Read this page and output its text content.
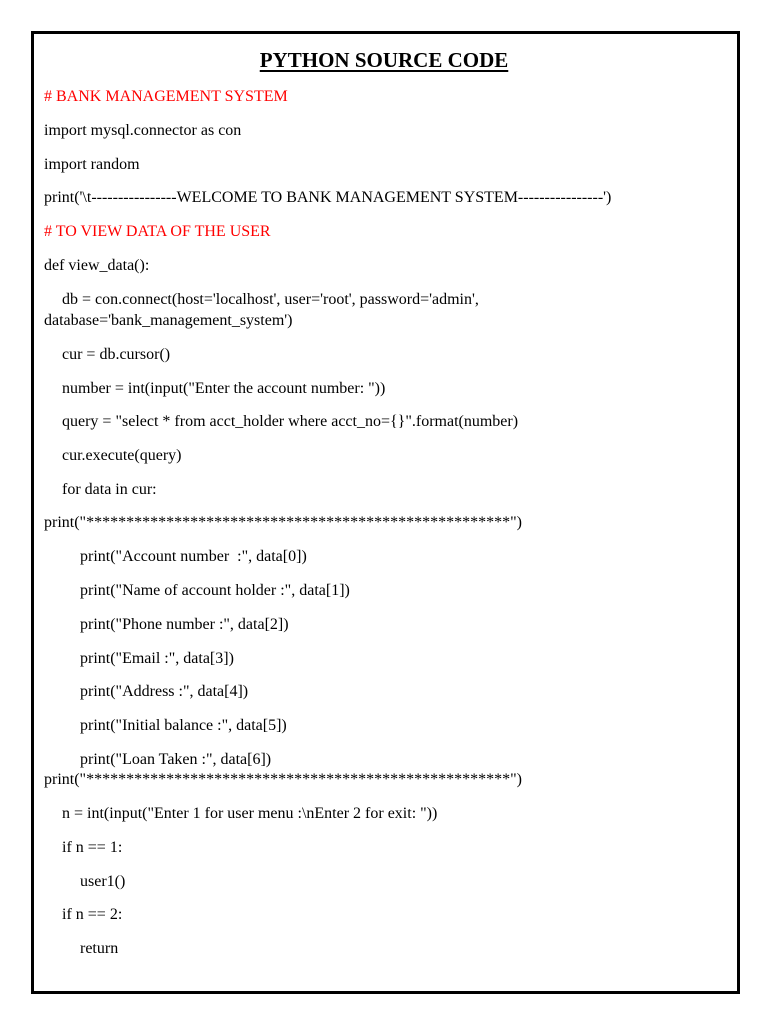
PYTHON SOURCE CODE
# BANK MANAGEMENT SYSTEM
import mysql.connector as con
import random
print('\t----------------WELCOME TO BANK MANAGEMENT SYSTEM----------------')
# TO VIEW DATA OF THE USER
def view_data():
db = con.connect(host='localhost', user='root', password='admin',
database='bank_management_system')
cur = db.cursor()
number = int(input("Enter the account number: "))
query = "select * from acct_holder where acct_no={}".format(number)
cur.execute(query)
for data in cur:
print("*****************************************************")
print("Account number  :", data[0])
print("Name of account holder :", data[1])
print("Phone number :", data[2])
print("Email :", data[3])
print("Address :", data[4])
print("Initial balance :", data[5])
print("Loan Taken :", data[6])
print("*****************************************************")
n = int(input("Enter 1 for user menu :\nEnter 2 for exit: "))
if n == 1:
user1()
if n == 2:
return
